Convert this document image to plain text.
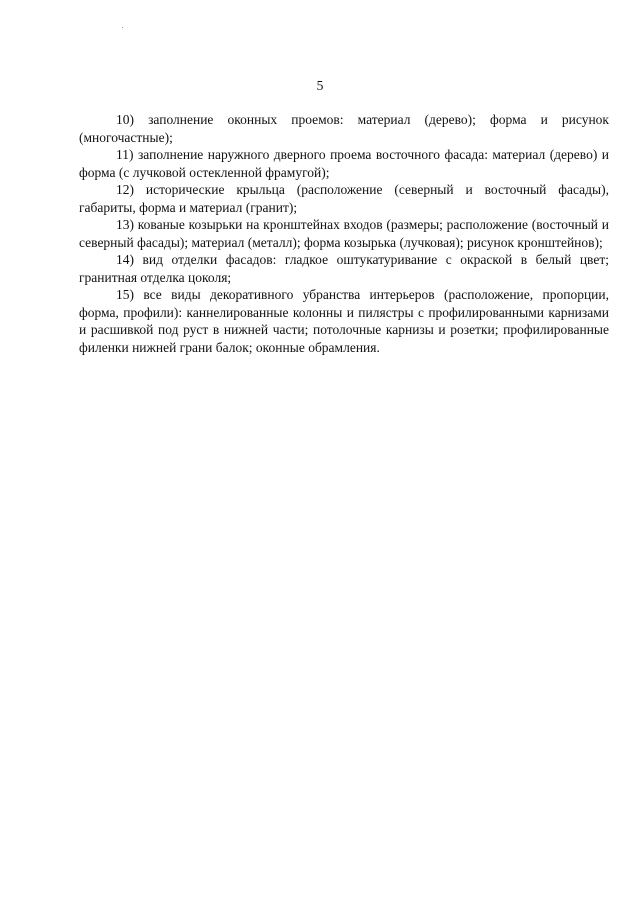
5

10) заполнение оконных проемов: материал (дерево); форма и рисунок (многочастные);

11) заполнение наружного дверного проема восточного фасада: материал (дерево) и форма (с лучковой остекленной фрамугой);

12) исторические крыльца (расположение (северный и восточный фасады), габариты, форма и материал (гранит);

13) кованые козырьки на кронштейнах входов (размеры; расположение (восточный и северный фасады); материал (металл); форма козырька (лучковая); рисунок кронштейнов);

14) вид отделки фасадов: гладкое оштукатуривание с окраской в белый цвет; гранитная отделка цоколя;

15) все виды декоративного убранства интерьеров (расположение, пропорции, форма, профили): каннелированные колонны и пилястры с профилированными карнизами и расшивкой под руст в нижней части; потолочные карнизы и розетки; профилированные филенки нижней грани балок; оконные обрамления.
